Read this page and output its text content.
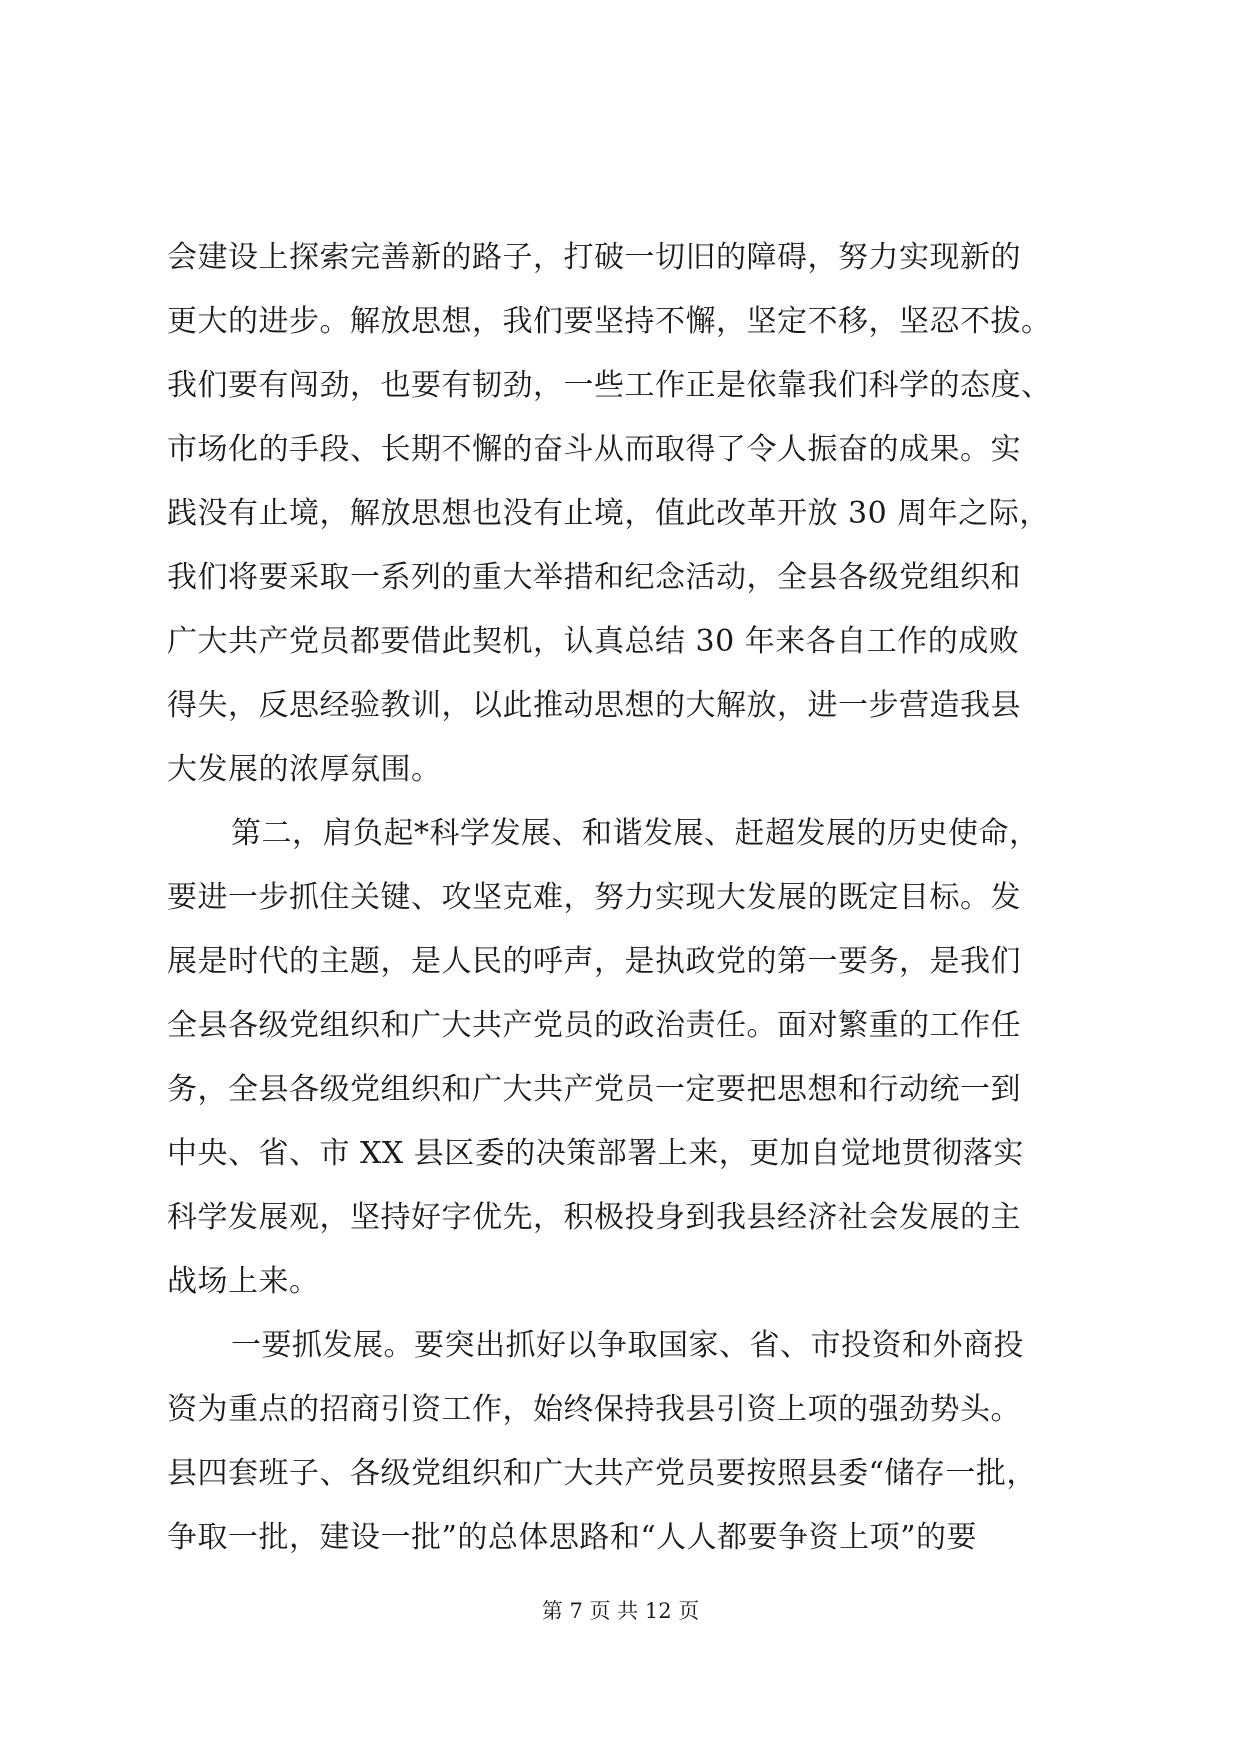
会建设上探索完善新的路子，打破一切旧的障碍，努力实现新的
更大的进步。解放思想，我们要坚持不懈，坚定不移，坚忍不拔。
我们要有闯劲，也要有韧劲，一些工作正是依靠我们科学的态度、
市场化的手段、长期不懈的奋斗从而取得了令人振奋的成果。实
践没有止境，解放思想也没有止境，值此改革开放 30 周年之际，
我们将要采取一系列的重大举措和纪念活动，全县各级党组织和
广大共产党员都要借此契机，认真总结 30 年来各自工作的成败
得失，反思经验教训，以此推动思想的大解放，进一步营造我县
大发展的浓厚氛围。
第二，肩负起*科学发展、和谐发展、赶超发展的历史使命，
要进一步抓住关键、攻坚克难，努力实现大发展的既定目标。发
展是时代的主题，是人民的呼声，是执政党的第一要务，是我们
全县各级党组织和广大共产党员的政治责任。面对繁重的工作任
务，全县各级党组织和广大共产党员一定要把思想和行动统一到
中央、省、市 XX 县区委的决策部署上来，更加自觉地贯彻落实
科学发展观，坚持好字优先，积极投身到我县经济社会发展的主
战场上来。
一要抓发展。要突出抓好以争取国家、省、市投资和外商投
资为重点的招商引资工作，始终保持我县引资上项的强劲势头。
县四套班子、各级党组织和广大共产党员要按照县委“储存一批，
争取一批，建设一批”的总体思路和“人人都要争资上项”的要
第 7 页 共 12 页
